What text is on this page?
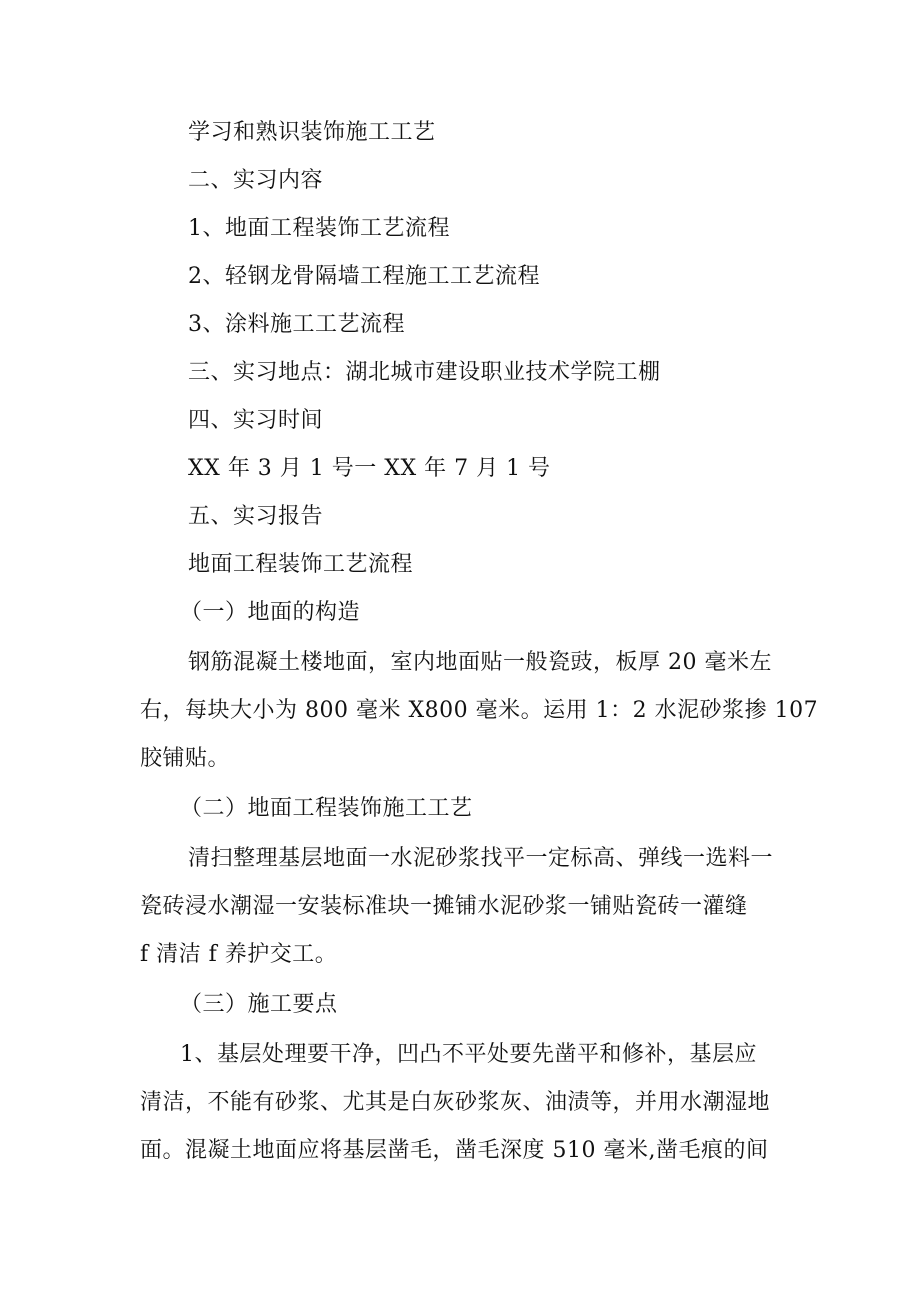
学习和熟识装饰施工工艺
二、实习内容
1、地面工程装饰工艺流程
2、轻钢龙骨隔墙工程施工工艺流程
3、涂料施工工艺流程
三、实习地点：湖北城市建设职业技术学院工棚
四、实习时间
XX 年 3 月 1 号一 XX 年 7 月 1 号
五、实习报告
地面工程装饰工艺流程
（一）地面的构造
钢筋混凝土楼地面，室内地面贴一般瓷豉，板厚 20 毫米左
右，每块大小为 800 毫米 X800 毫米。运用 1：2 水泥砂浆掺 107
胶铺贴。
（二）地面工程装饰施工工艺
清扫整理基层地面一水泥砂浆找平一定标高、弹线一选料一
瓷砖浸水潮湿一安装标准块一摊铺水泥砂浆一铺贴瓷砖一灌缝
f 清洁 f 养护交工。
（三）施工要点
1、基层处理要干净，凹凸不平处要先凿平和修补，基层应
清洁，不能有砂浆、尤其是白灰砂浆灰、油渍等，并用水潮湿地
面。混凝土地面应将基层凿毛，凿毛深度 510 毫米,凿毛痕的间
